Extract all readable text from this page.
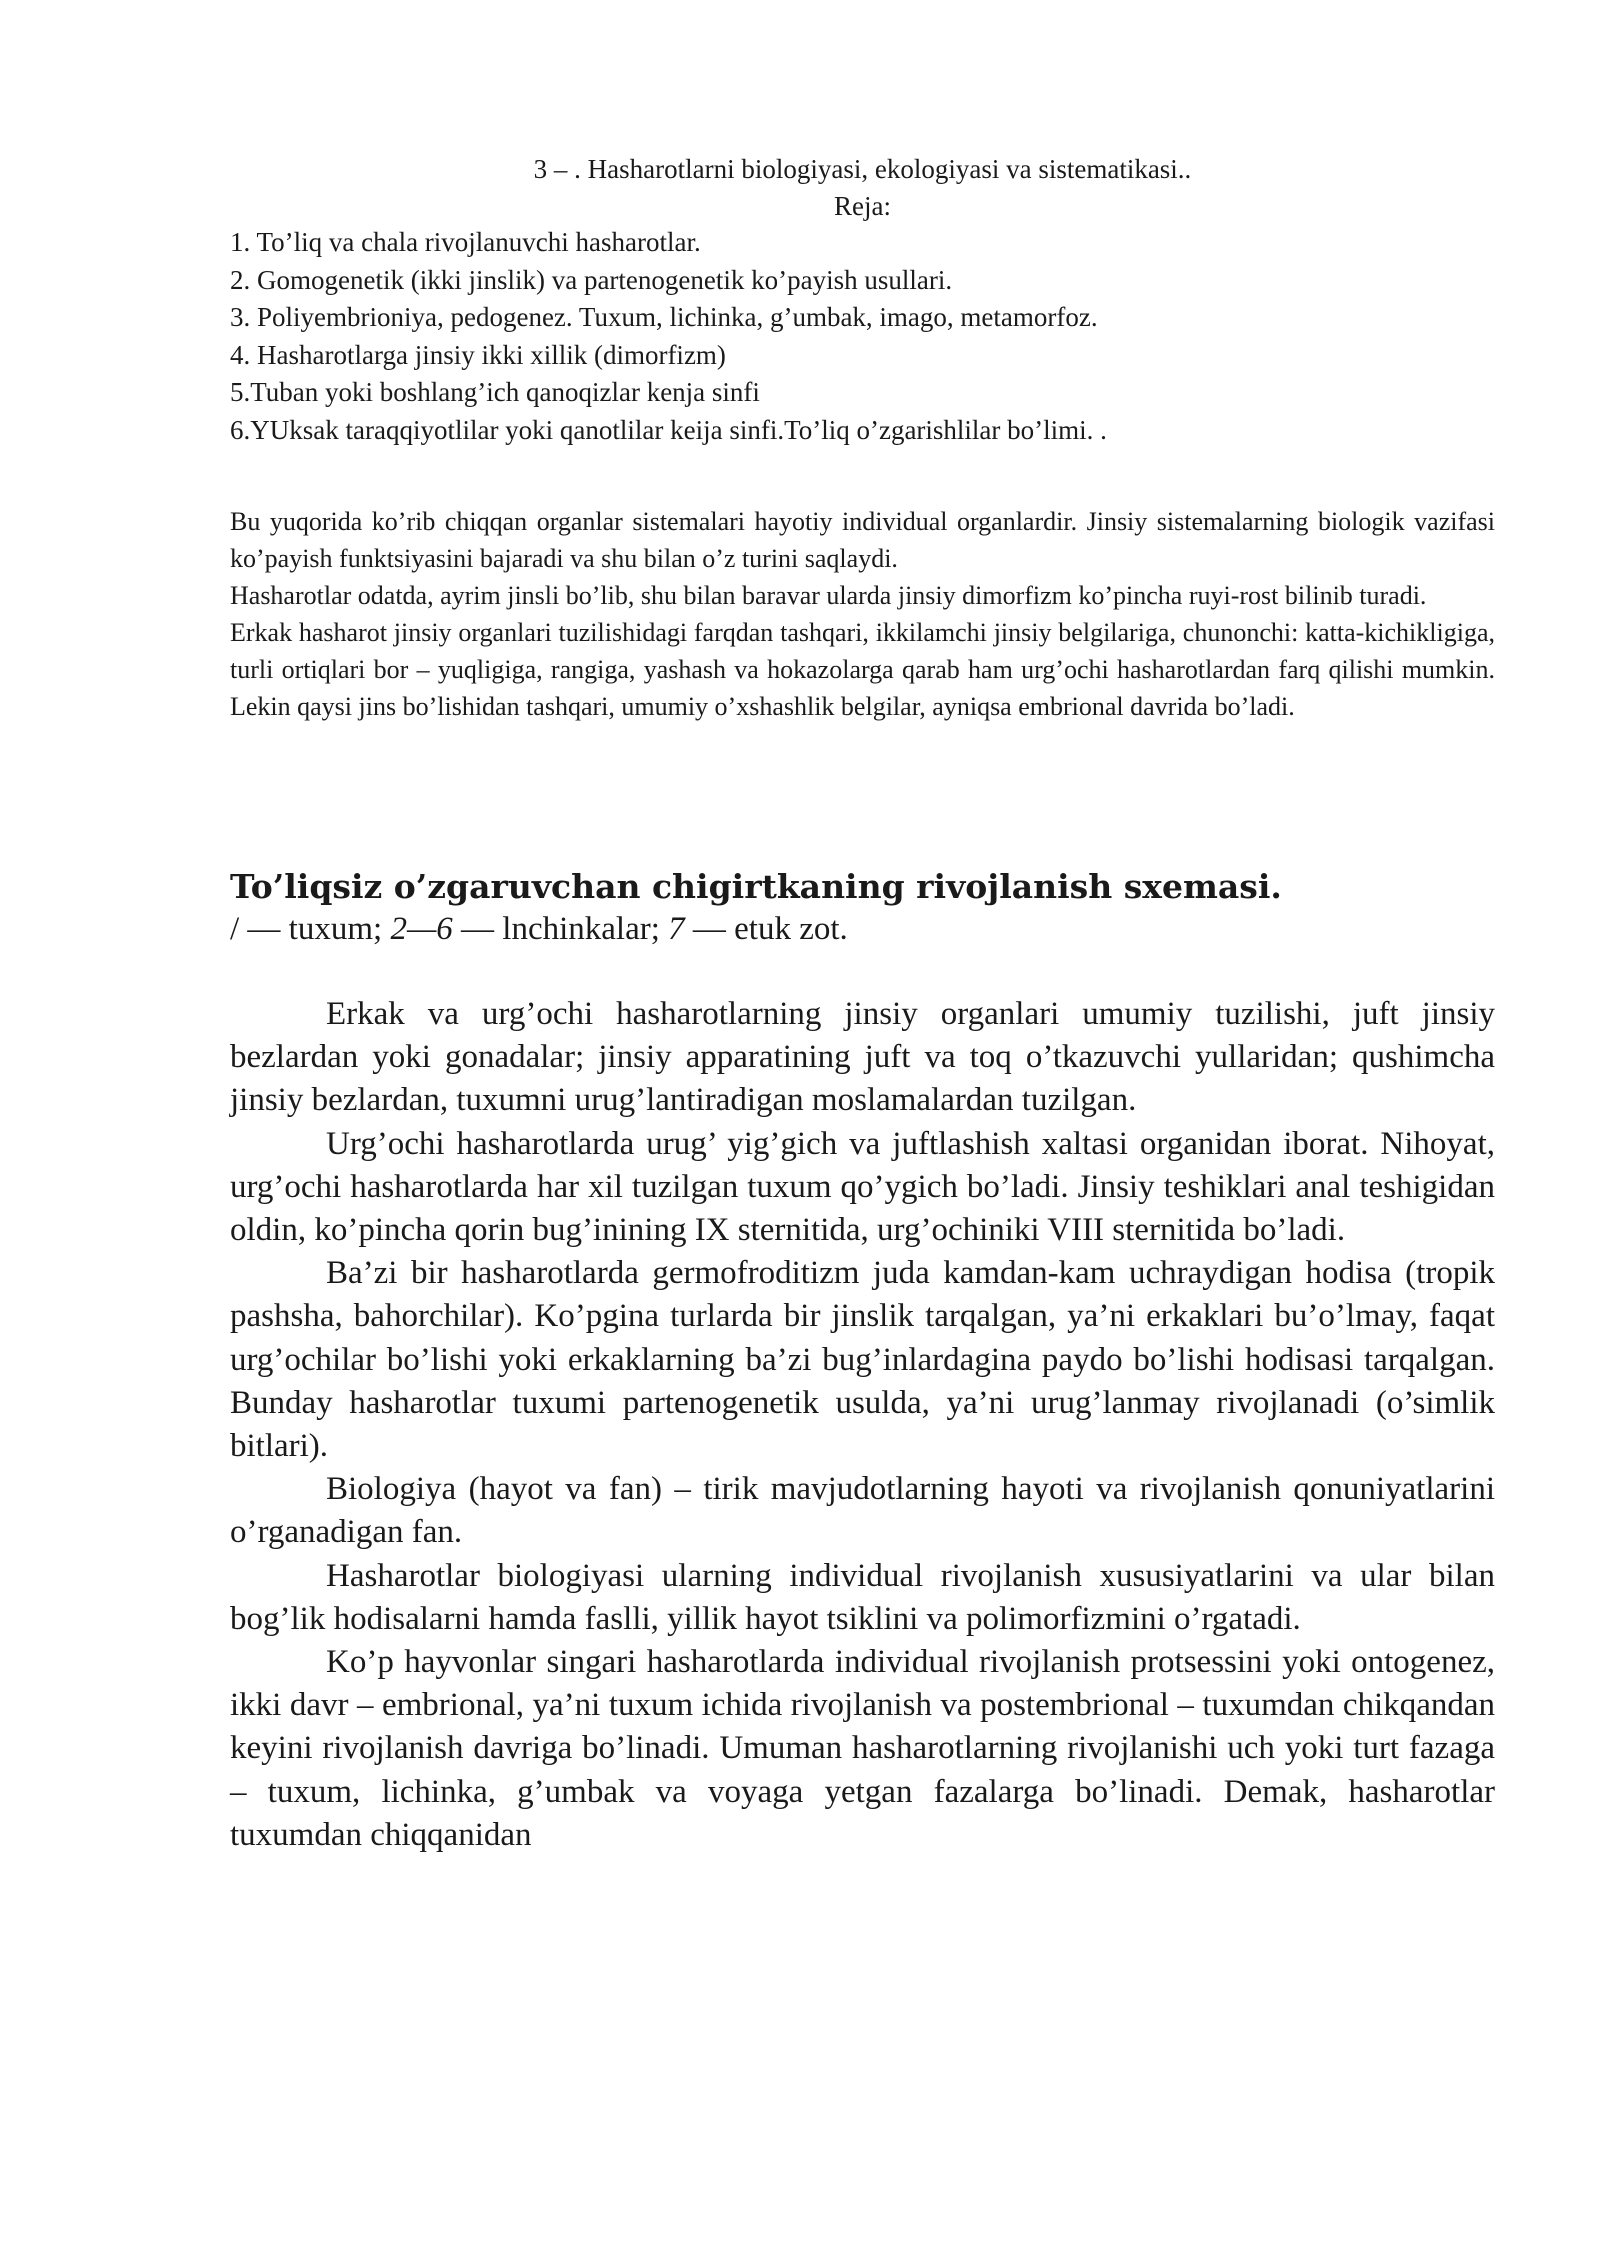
3 – . Hasharotlarni biologiyasi, ekologiyasi va sistematikasi..

Reja:

1. To’liq va chala rivojlanuvchi hasharotlar.
2. Gomogenetik (ikki jinslik) va partenogenetik ko’payish usullari.
3. Poliyembrioniya, pedogenez. Tuxum, lichinka, g’umbak, imago, metamorfoz.
4. Hasharotlarga jinsiy ikki xillik (dimorfizm)
5.Tuban yoki boshlang’ich qanoqizlar kenja sinfi
6.YUksak taraqqiyotlilar yoki qanotlilar keija sinfi.To’liq o’zgarishlilar bo’limi. .

Bu yuqorida ko’rib chiqqan organlar sistemalari hayotiy individual organlardir. Jinsiy sistemalarning biologik vazifasi ko’payish funktsiyasini bajaradi va shu bilan o’z turini saqlaydi.

Hasharotlar odatda, ayrim jinsli bo’lib, shu bilan baravar ularda jinsiy dimorfizm ko’pincha ruyi-rost bilinib turadi.

Erkak hasharot jinsiy organlari tuzilishidagi farqdan tashqari, ikkilamchi jinsiy belgilariga, chunonchi: katta-kichikligiga, turli ortiqlari bor – yuqligiga, rangiga, yashash va hokazolarga qarab ham urg’ochi hasharotlardan farq qilishi mumkin. Lekin qaysi jins bo’lishidan tashqari, umumiy o’xshashlik belgilar, ayniqsa embrional davrida bo’ladi.

To’liqsiz o’zgaruvchan chigirtkaning rivojlanish sxemasi.

/ — tuxum; 2—6 — lnchinkalar; 7 — etuk zot.

Erkak va urg’ochi hasharotlarning jinsiy organlari umumiy tuzilishi, juft jinsiy bezlardan yoki gonadalar; jinsiy apparatining juft va toq o’tkazuvchi yullaridan; qushimcha jinsiy bezlardan, tuxumni urug’lantiradigan moslamalardan tuzilgan.

Urg’ochi hasharotlarda urug’ yig’gich va juftlashish xaltasi organidan iborat. Nihoyat, urg’ochi hasharotlarda har xil tuzilgan tuxum qo’ygich bo’ladi. Jinsiy teshiklari anal teshigidan oldin, ko’pincha qorin bug’inining IX sternitida, urg’ochiniki VIII sternitida bo’ladi.

Ba’zi bir hasharotlarda germofroditizm juda kamdan-kam uchraydigan hodisa (tropik pashsha, bahorchilar). Ko’pgina turlarda bir jinslik tarqalgan, ya’ni erkaklari bu’o’lmay, faqat urg’ochilar bo’lishi yoki erkaklarning ba’zi bug’inlardagina paydo bo’lishi hodisasi tarqalgan. Bunday hasharotlar tuxumi partenogenetik usulda, ya’ni urug’lanmay rivojlanadi (o’simlik bitlari).

Biologiya (hayot va fan) – tirik mavjudotlarning hayoti va rivojlanish qonuniyatlarini o’rganadigan fan.

Hasharotlar biologiyasi ularning individual rivojlanish xususiyatlarini va ular bilan bog’lik hodisalarni hamda faslli, yillik hayot tsiklini va polimorfizmini o’rgatadi.

Ko’p hayvonlar singari hasharotlarda individual rivojlanish protsessini yoki ontogenez, ikki davr – embrional, ya’ni tuxum ichida rivojlanish va postembrional – tuxumdan chikqandan keyini rivojlanish davriga bo’linadi. Umuman hasharotlarning rivojlanishi uch yoki turt fazaga – tuxum, lichinka, g’umbak va voyaga yetgan fazalarga bo’linadi. Demak, hasharotlar tuxumdan chiqqanidan
